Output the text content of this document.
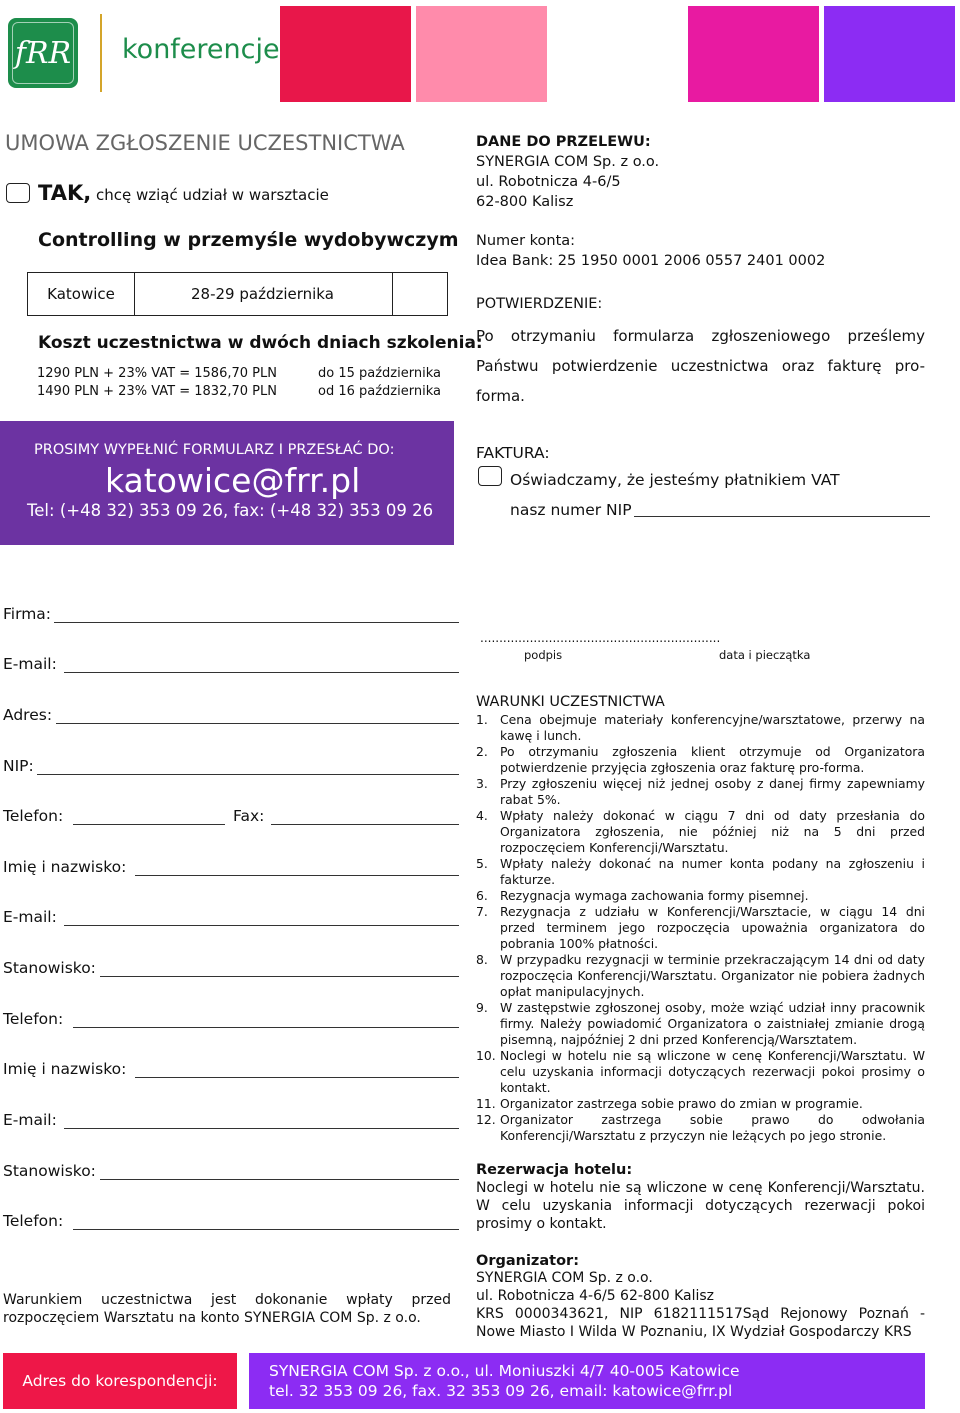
fRR konferencje
UMOWA ZGŁOSZENIE UCZESTNICTWA
TAK, chcę wziąć udział w warsztacie
Controlling w przemyśle wydobywczym
Katowice	28-29 października
Koszt uczestnictwa w dwóch dniach szkolenia:
1290 PLN + 23% VAT = 1586,70 PLN	do 15 października
1490 PLN + 23% VAT = 1832,70 PLN	od 16 października
PROSIMY WYPEŁNIĆ FORMULARZ I PRZESŁAĆ DO:
katowice@frr.pl
Tel: (+48 32) 353 09 26, fax: (+48 32) 353 09 26
DANE DO PRZELEWU:
SYNERGIA COM Sp. z o.o.
ul. Robotnicza 4-6/5
62-800 Kalisz
Numer konta:
Idea Bank: 25 1950 0001 2006 0557 2401 0002
POTWIERDZENIE:
Po otrzymaniu formularza zgłoszeniowego prześlemy Państwu potwierdzenie uczestnictwa oraz fakturę pro-forma.
FAKTURA:
Oświadczamy, że jesteśmy płatnikiem VAT
nasz numer NIP
...............................................................
podpis	data i pieczątka
Firma:
E-mail:
Adres:
NIP:
Telefon:	Fax:
Imię i nazwisko:
E-mail:
Stanowisko:
Telefon:
Imię i nazwisko:
E-mail:
Stanowisko:
Telefon:
Warunkiem uczestnictwa jest dokonanie wpłaty przed rozpoczęciem Warsztatu na konto SYNERGIA COM Sp. z o.o.
WARUNKI UCZESTNICTWA
1. Cena obejmuje materiały konferencyjne/warsztatowe, przerwy na kawę i lunch.
2. Po otrzymaniu zgłoszenia klient otrzymuje od Organizatora potwierdzenie przyjęcia zgłoszenia oraz fakturę pro-forma.
3. Przy zgłoszeniu więcej niż jednej osoby z danej firmy zapewniamy rabat 5%.
4. Wpłaty należy dokonać w ciągu 7 dni od daty przesłania do Organizatora zgłoszenia, nie później niż na 5 dni przed rozpoczęciem Konferencji/Warsztatu.
5. Wpłaty należy dokonać na numer konta podany na zgłoszeniu i fakturze.
6. Rezygnacja wymaga zachowania formy pisemnej.
7. Rezygnacja z udziału w Konferencji/Warsztacie, w ciągu 14 dni przed terminem jego rozpoczęcia upoważnia organizatora do pobrania 100% płatności.
8. W przypadku rezygnacji w terminie przekraczającym 14 dni od daty rozpoczęcia Konferencji/Warsztatu. Organizator nie pobiera żadnych opłat manipulacyjnych.
9. W zastępstwie zgłoszonej osoby, może wziąć udział inny pracownik firmy. Należy powiadomić Organizatora o zaistniałej zmianie drogą pisemną, najpóźniej 2 dni przed Konferencją/Warsztatem.
10. Noclegi w hotelu nie są wliczone w cenę Konferencji/Warsztatu. W celu uzyskania informacji dotyczących rezerwacji pokoi prosimy o kontakt.
11. Organizator zastrzega sobie prawo do zmian w programie.
12. Organizator zastrzega sobie prawo do odwołania Konferencji/Warsztatu z przyczyn nie leżących po jego stronie.
Rezerwacja hotelu:
Noclegi w hotelu nie są wliczone w cenę Konferencji/Warsztatu. W celu uzyskania informacji dotyczących rezerwacji pokoi prosimy o kontakt.
Organizator:
SYNERGIA COM Sp. z o.o.
ul. Robotnicza 4-6/5 62-800 Kalisz
KRS 0000343621, NIP 6182111517Sąd Rejonowy Poznań - Nowe Miasto I Wilda W Poznaniu, IX Wydział Gospodarczy KRS
Adres do korespondencji:
SYNERGIA COM Sp. z o.o., ul. Moniuszki 4/7 40-005 Katowice
tel. 32 353 09 26, fax. 32 353 09 26, email: katowice@frr.pl
